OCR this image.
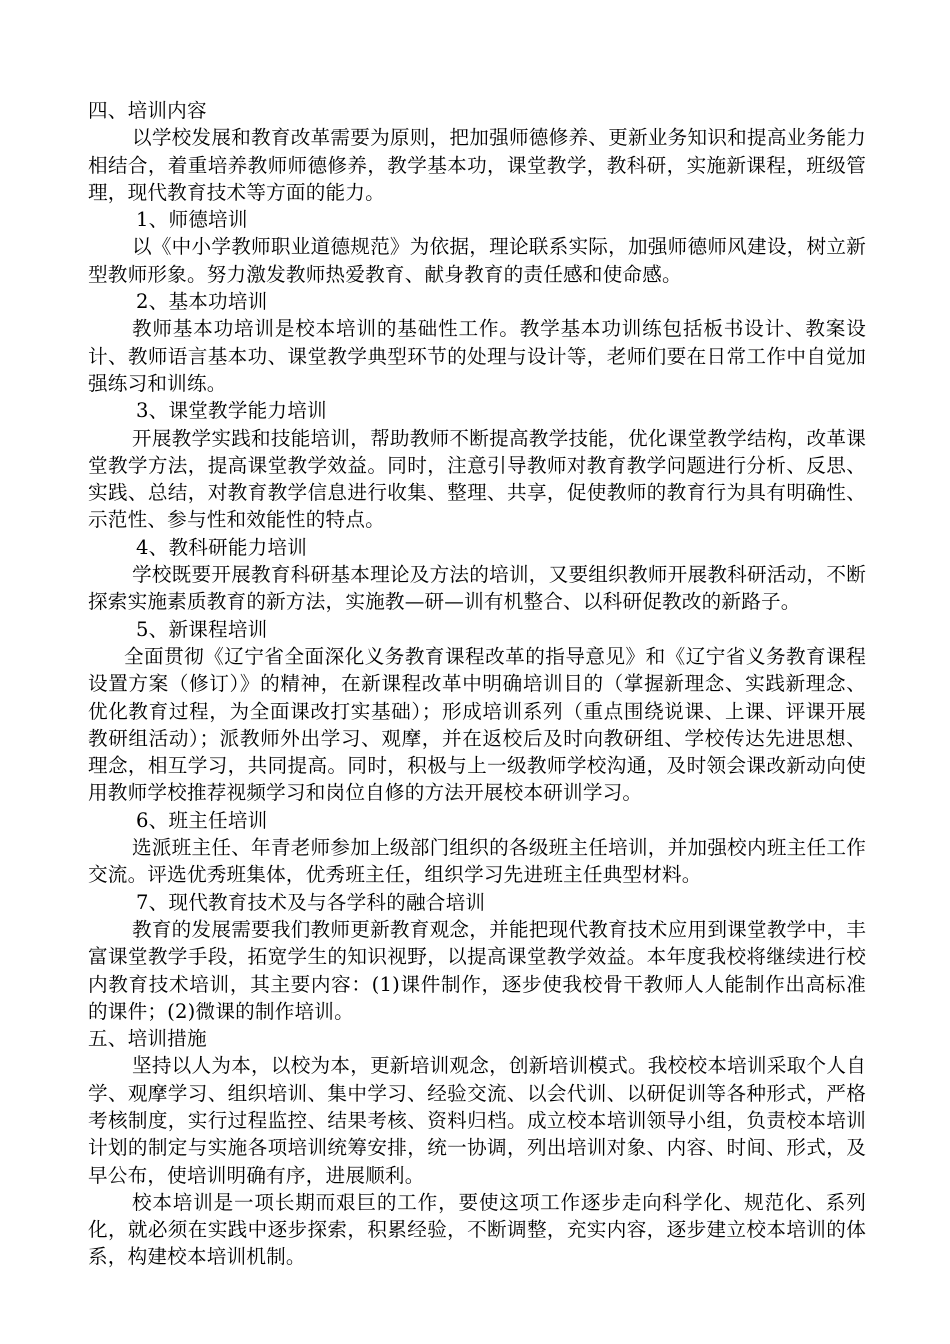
四、培训内容

以学校发展和教育改革需要为原则，把加强师德修养、更新业务知识和提高业务能力相结合，着重培养教师师德修养，教学基本功，课堂教学，教科研，实施新课程，班级管理，现代教育技术等方面的能力。

1、师德培训

以《中小学教师职业道德规范》为依据，理论联系实际，加强师德师风建设，树立新型教师形象。努力激发教师热爱教育、献身教育的责任感和使命感。

2、基本功培训

教师基本功培训是校本培训的基础性工作。教学基本功训练包括板书设计、教案设计、教师语言基本功、课堂教学典型环节的处理与设计等，老师们要在日常工作中自觉加强练习和训练。

3、课堂教学能力培训

开展教学实践和技能培训，帮助教师不断提高教学技能，优化课堂教学结构，改革课堂教学方法，提高课堂教学效益。同时，注意引导教师对教育教学问题进行分析、反思、实践、总结，对教育教学信息进行收集、整理、共享，促使教师的教育行为具有明确性、示范性、参与性和效能性的特点。

4、教科研能力培训

学校既要开展教育科研基本理论及方法的培训，又要组织教师开展教科研活动，不断探索实施素质教育的新方法，实施教—研—训有机整合、以科研促教改的新路子。

5、新课程培训

全面贯彻《辽宁省全面深化义务教育课程改革的指导意见》和《辽宁省义务教育课程设置方案（修订）》的精神，在新课程改革中明确培训目的（掌握新理念、实践新理念、优化教育过程，为全面课改打实基础）；形成培训系列（重点围绕说课、上课、评课开展教研组活动）；派教师外出学习、观摩，并在返校后及时向教研组、学校传达先进思想、理念，相互学习，共同提高。同时，积极与上一级教师学校沟通，及时领会课改新动向使用教师学校推荐视频学习和岗位自修的方法开展校本研训学习。

6、班主任培训

选派班主任、年青老师参加上级部门组织的各级班主任培训，并加强校内班主任工作交流。评选优秀班集体，优秀班主任，组织学习先进班主任典型材料。

7、现代教育技术及与各学科的融合培训

教育的发展需要我们教师更新教育观念，并能把现代教育技术应用到课堂教学中，丰富课堂教学手段，拓宽学生的知识视野，以提高课堂教学效益。本年度我校将继续进行校内教育技术培训，其主要内容：(1)课件制作，逐步使我校骨干教师人人能制作出高标准的课件；(2)微课的制作培训。

五、培训措施

坚持以人为本，以校为本，更新培训观念，创新培训模式。我校校本培训采取个人自学、观摩学习、组织培训、集中学习、经验交流、以会代训、以研促训等各种形式，严格考核制度，实行过程监控、结果考核、资料归档。成立校本培训领导小组，负责校本培训计划的制定与实施各项培训统筹安排，统一协调，列出培训对象、内容、时间、形式，及早公布，使培训明确有序，进展顺利。

校本培训是一项长期而艰巨的工作，要使这项工作逐步走向科学化、规范化、系列化，就必须在实践中逐步探索，积累经验，不断调整，充实内容，逐步建立校本培训的体系，构建校本培训机制。
